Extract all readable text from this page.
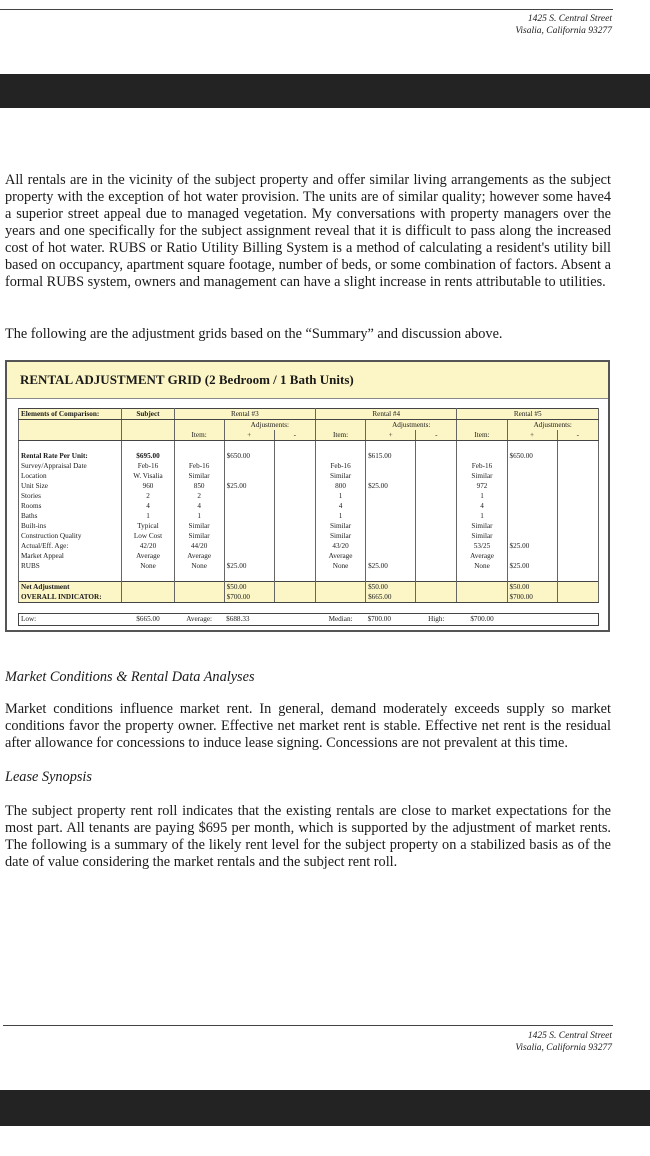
1425 S. Central Street
Visalia, California 93277

All rentals are in the vicinity of the subject property and offer similar living arrangements as the subject property with the exception of hot water provision. The units are of similar quality; however some have4 a superior street appeal due to managed vegetation. My conversations with property managers over the years and one specifically for the subject assignment reveal that it is difficult to pass along the increased cost of hot water. RUBS or Ratio Utility Billing System is a method of calculating a resident's utility bill based on occupancy, apartment square footage, number of beds, or some combination of factors. Absent a formal RUBS system, owners and management can have a slight increase in rents attributable to utilities.

The following are the adjustment grids based on the “Summary” and discussion above.

RENTAL ADJUSTMENT GRID (2 Bedroom / 1 Bath Units)
Elements of Comparison:	Subject	Rental #3			Rental #4			Rental #5		
			Adjustments:			Adjustments:			Adjustments:	
		Item:	+	-	Item:	+	-	Item:	+	-

Rental Rate Per Unit:	$695.00		$650.00			$615.00			$650.00	
Survey/Appraisal Date	Feb-16	Feb-16			Feb-16			Feb-16		
Location	W. Visalia	Similar			Similar			Similar		
Unit Size	960	850	$25.00		800	$25.00		972		
Stories	2	2			1			1		
Rooms	4	4			4			4		
Baths	1	1			1			1		
Built-ins	Typical	Similar			Similar			Similar		
Construction Quality	Low Cost	Similar			Similar			Similar		
Actual/Eff. Age:	42/20	44/20			43/20			53/25	$25.00	
Market Appeal	Average	Average			Average			Average		
RUBS	None	None	$25.00		None	$25.00		None	$25.00	

Net Adjustment			$50.00			$50.00			$50.00	
OVERALL INDICATOR:			$700.00			$665.00			$700.00	
Low:	$665.00	Average:	$688.33		Median:	$700.00	High:	$700.00		
Market Conditions & Rental Data Analyses

Market conditions influence market rent. In general, demand moderately exceeds supply so market conditions favor the property owner. Effective net market rent is stable. Effective net rent is the residual after allowance for concessions to induce lease signing. Concessions are not prevalent at this time.

Lease Synopsis

The subject property rent roll indicates that the existing rentals are close to market expectations for the most part. All tenants are paying $695 per month, which is supported by the adjustment of market rents. The following is a summary of the likely rent level for the subject property on a stabilized basis as of the date of value considering the market rentals and the subject rent roll.

1425 S. Central Street
Visalia, California 93277
